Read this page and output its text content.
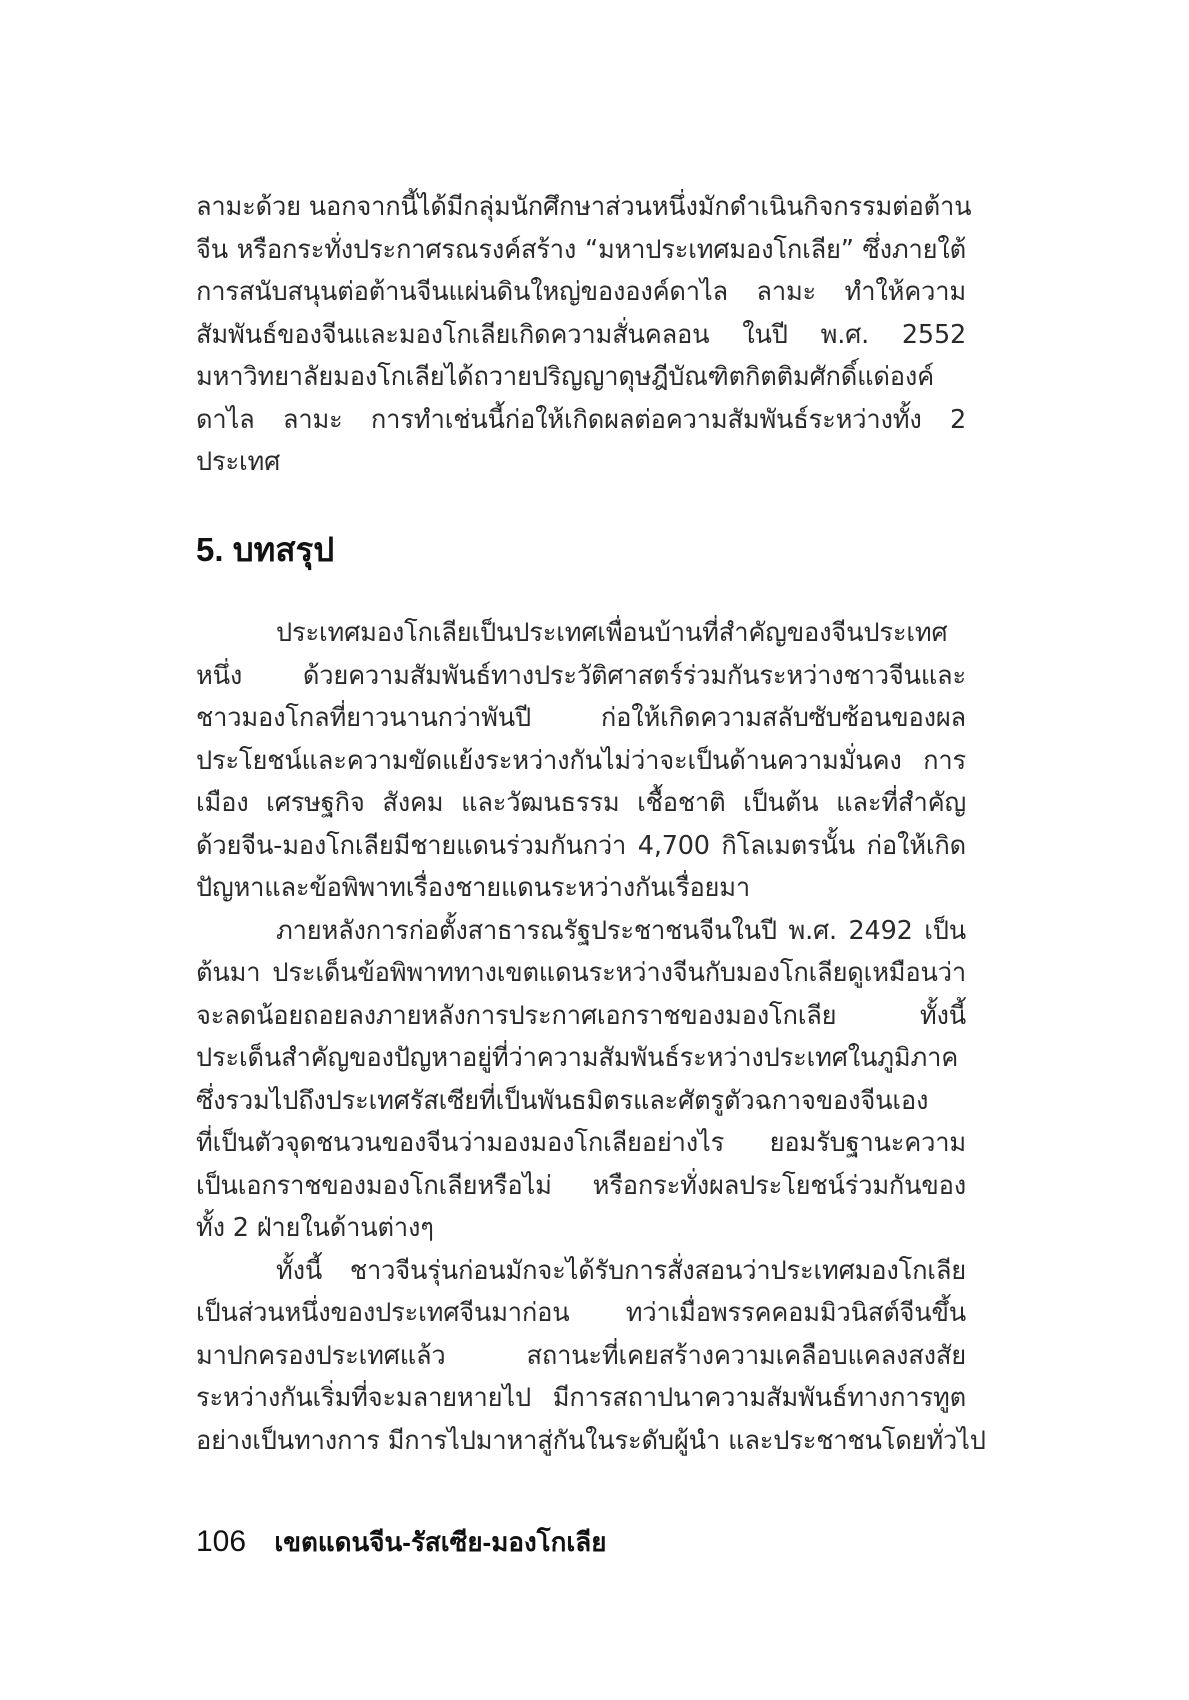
ลามะด้วย นอกจากนี้ได้มีกลุ่มนักศึกษาส่วนหนึ่งมักดำเนินกิจกรรมต่อต้าน
จีน หรือกระทั่งประกาศรณรงค์สร้าง “มหาประเทศมองโกเลีย” ซึ่งภายใต้
การสนับสนุนต่อต้านจีนแผ่นดินใหญ่ขององค์ดาไล ลามะ ทำให้ความ
สัมพันธ์ของจีนและมองโกเลียเกิดความสั่นคลอน ในปี พ.ศ. 2552
มหาวิทยาลัยมองโกเลียได้ถวายปริญญาดุษฎีบัณฑิตกิตติมศักดิ์แด่องค์
ดาไล ลามะ การทำเช่นนี้ก่อให้เกิดผลต่อความสัมพันธ์ระหว่างทั้ง 2
ประเทศ
5. บทสรุป
ประเทศมองโกเลียเป็นประเทศเพื่อนบ้านที่สำคัญของจีนประเทศ
หนึ่ง ด้วยความสัมพันธ์ทางประวัติศาสตร์ร่วมกันระหว่างชาวจีนและ
ชาวมองโกลที่ยาวนานกว่าพันปี ก่อให้เกิดความสลับซับซ้อนของผล
ประโยชน์และความขัดแย้งระหว่างกันไม่ว่าจะเป็นด้านความมั่นคง การ
เมือง เศรษฐกิจ สังคม และวัฒนธรรม เชื้อชาติ เป็นต้น และที่สำคัญ
ด้วยจีน-มองโกเลียมีชายแดนร่วมกันกว่า 4,700 กิโลเมตรนั้น ก่อให้เกิด
ปัญหาและข้อพิพาทเรื่องชายแดนระหว่างกันเรื่อยมา
ภายหลังการก่อตั้งสาธารณรัฐประชาชนจีนในปี พ.ศ. 2492 เป็น
ต้นมา ประเด็นข้อพิพาททางเขตแดนระหว่างจีนกับมองโกเลียดูเหมือนว่า
จะลดน้อยถอยลงภายหลังการประกาศเอกราชของมองโกเลีย ทั้งนี้
ประเด็นสำคัญของปัญหาอยู่ที่ว่าความสัมพันธ์ระหว่างประเทศในภูมิภาค
ซึ่งรวมไปถึงประเทศรัสเซียที่เป็นพันธมิตรและศัตรูตัวฉกาจของจีนเอง
ที่เป็นตัวจุดชนวนของจีนว่ามองมองโกเลียอย่างไร ยอมรับฐานะความ
เป็นเอกราชของมองโกเลียหรือไม่ หรือกระทั่งผลประโยชน์ร่วมกันของ
ทั้ง 2 ฝ่ายในด้านต่างๆ
ทั้งนี้ ชาวจีนรุ่นก่อนมักจะได้รับการสั่งสอนว่าประเทศมองโกเลีย
เป็นส่วนหนึ่งของประเทศจีนมาก่อน ทว่าเมื่อพรรคคอมมิวนิสต์จีนขึ้น
มาปกครองประเทศแล้ว สถานะที่เคยสร้างความเคลือบแคลงสงสัย
ระหว่างกันเริ่มที่จะมลายหายไป มีการสถาปนาความสัมพันธ์ทางการทูต
อย่างเป็นทางการ มีการไปมาหาสู่กันในระดับผู้นำ และประชาชนโดยทั่วไป
106 เขตแดนจีน-รัสเซีย-มองโกเลีย
